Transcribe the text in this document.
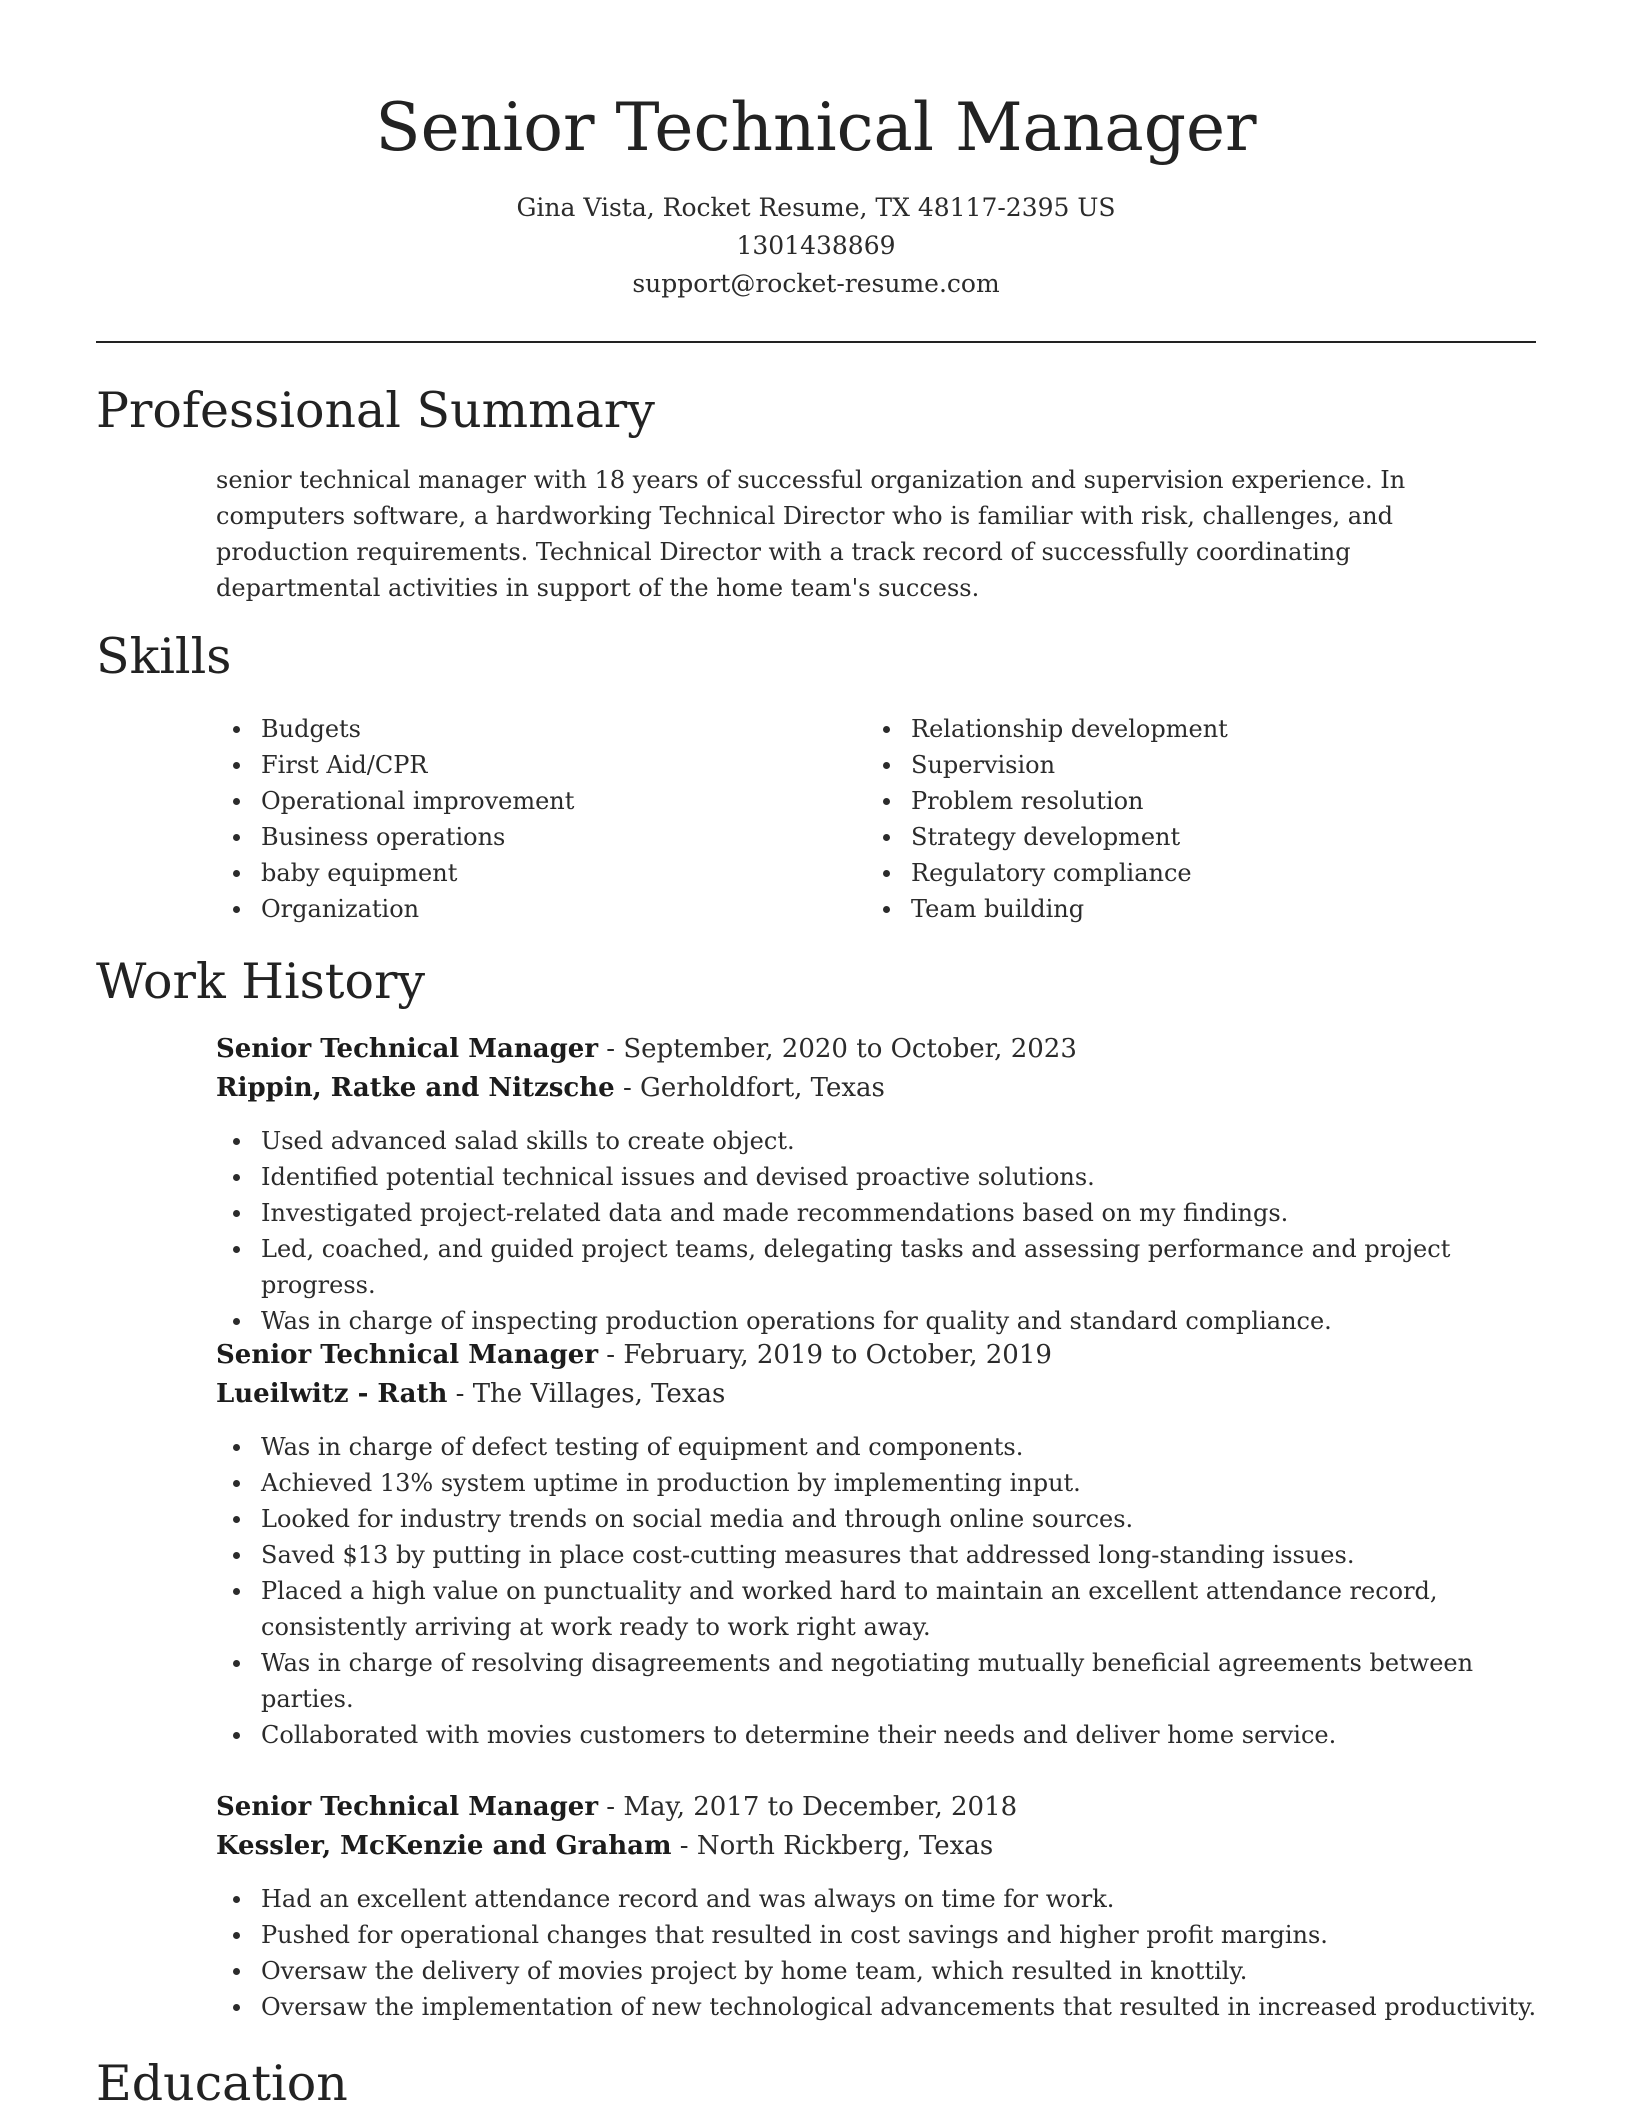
Senior Technical Manager
Gina Vista, Rocket Resume, TX 48117-2395 US
1301438869
support@rocket-resume.com
Professional Summary

senior technical manager with 18 years of successful organization and supervision experience. In computers software, a hardworking Technical Director who is familiar with risk, challenges, and production requirements. Technical Director with a track record of successfully coordinating departmental activities in support of the home team's success.

Skills
Budgets
First Aid/CPR
Operational improvement
Business operations
baby equipment
Organization
Relationship development
Supervision
Problem resolution
Strategy development
Regulatory compliance
Team building
Work History
Senior Technical Manager - September, 2020 to October, 2023
Rippin, Ratke and Nitzsche - Gerholdfort, Texas
Used advanced salad skills to create object.
Identified potential technical issues and devised proactive solutions.
Investigated project-related data and made recommendations based on my findings.
Led, coached, and guided project teams, delegating tasks and assessing performance and project progress.
Was in charge of inspecting production operations for quality and standard compliance.
Senior Technical Manager - February, 2019 to October, 2019
Lueilwitz - Rath - The Villages, Texas
Was in charge of defect testing of equipment and components.
Achieved 13% system uptime in production by implementing input.
Looked for industry trends on social media and through online sources.
Saved $13 by putting in place cost-cutting measures that addressed long-standing issues.
Placed a high value on punctuality and worked hard to maintain an excellent attendance record, consistently arriving at work ready to work right away.
Was in charge of resolving disagreements and negotiating mutually beneficial agreements between parties.
Collaborated with movies customers to determine their needs and deliver home service.
Senior Technical Manager - May, 2017 to December, 2018
Kessler, McKenzie and Graham - North Rickberg, Texas
Had an excellent attendance record and was always on time for work.
Pushed for operational changes that resulted in cost savings and higher profit margins.
Oversaw the delivery of movies project by home team, which resulted in knottily.
Oversaw the implementation of new technological advancements that resulted in increased productivity.
Education
